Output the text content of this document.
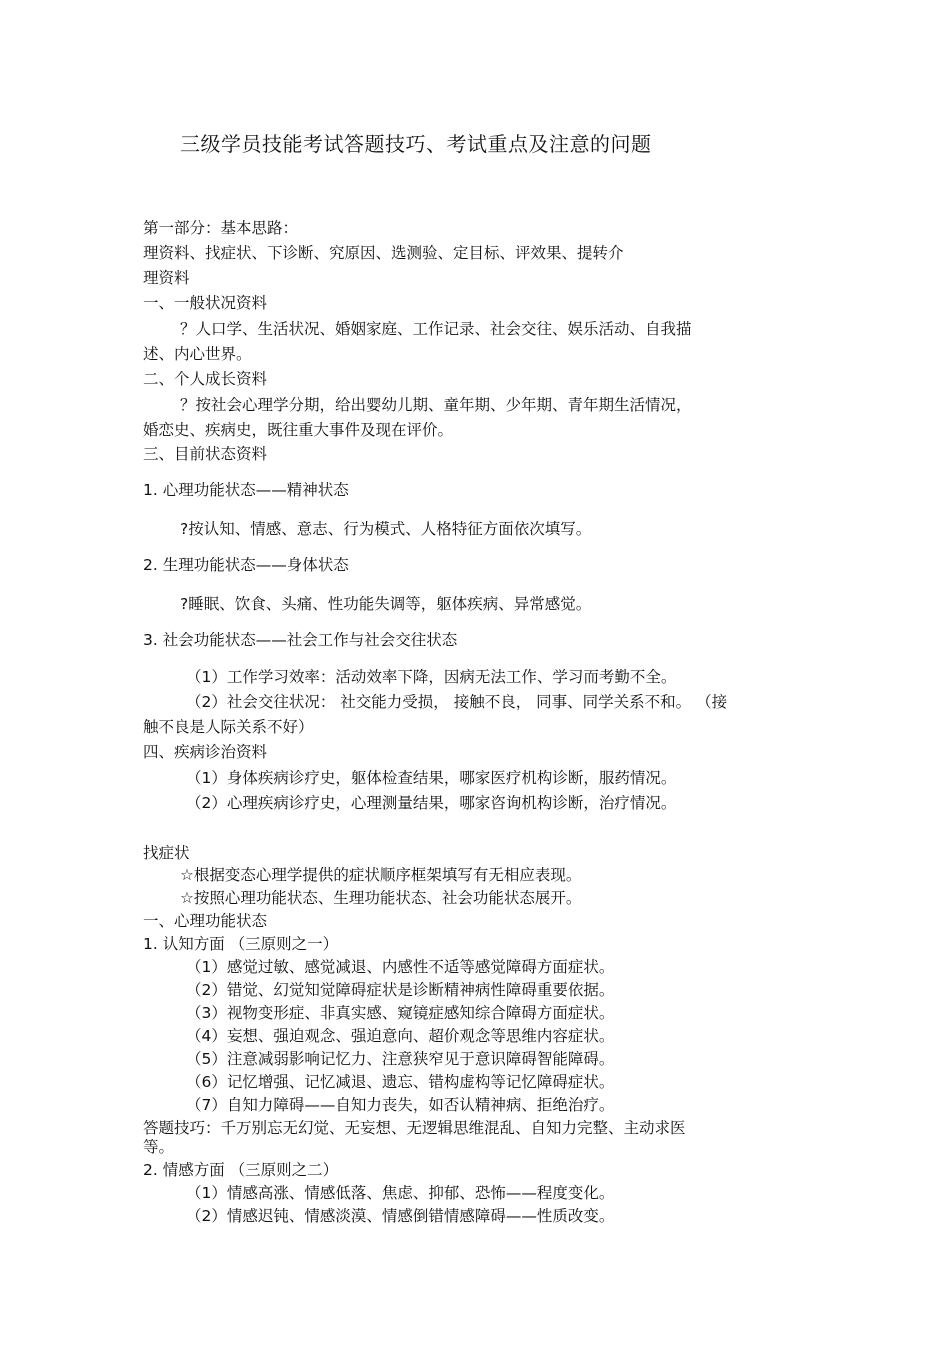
三级学员技能考试答题技巧、考试重点及注意的问题
第一部分：基本思路：
理资料、找症状、下诊断、究原因、选测验、定目标、评效果、提转介
理资料
一、一般状况资料
？人口学、生活状况、婚姻家庭、工作记录、社会交往、娱乐活动、自我描
述、内心世界。
二、个人成长资料
？按社会心理学分期，给出婴幼儿期、童年期、少年期、青年期生活情况，
婚恋史、疾病史，既往重大事件及现在评价。
三、目前状态资料
1. 心理功能状态——精神状态
?按认知、情感、意志、行为模式、人格特征方面依次填写。
2. 生理功能状态——身体状态
?睡眠、饮食、头痛、性功能失调等，躯体疾病、异常感觉。
3. 社会功能状态——社会工作与社会交往状态
（1）工作学习效率：活动效率下降，因病无法工作、学习而考勤不全。
（2）社会交往状况： 社交能力受损， 接触不良， 同事、同学关系不和。 （接
触不良是人际关系不好）
四、疾病诊治资料
（1）身体疾病诊疗史，躯体检查结果，哪家医疗机构诊断，服药情况。
（2）心理疾病诊疗史，心理测量结果，哪家咨询机构诊断，治疗情况。
找症状
☆根据变态心理学提供的症状顺序框架填写有无相应表现。
☆按照心理功能状态、生理功能状态、社会功能状态展开。
一、心理功能状态
1. 认知方面 （三原则之一）
（1）感觉过敏、感觉减退、内感性不适等感觉障碍方面症状。
（2）错觉、幻觉知觉障碍症状是诊断精神病性障碍重要依据。
（3）视物变形症、非真实感、窥镜症感知综合障碍方面症状。
（4）妄想、强迫观念、强迫意向、超价观念等思维内容症状。
（5）注意减弱影响记忆力、注意狭窄见于意识障碍智能障碍。
（6）记忆增强、记忆减退、遗忘、错构虚构等记忆障碍症状。
（7）自知力障碍——自知力丧失，如否认精神病、拒绝治疗。
答题技巧：千万别忘无幻觉、无妄想、无逻辑思维混乱、自知力完整、主动求医
等。
2. 情感方面 （三原则之二）
（1）情感高涨、情感低落、焦虑、抑郁、恐怖——程度变化。
（2）情感迟钝、情感淡漠、情感倒错情感障碍——性质改变。
